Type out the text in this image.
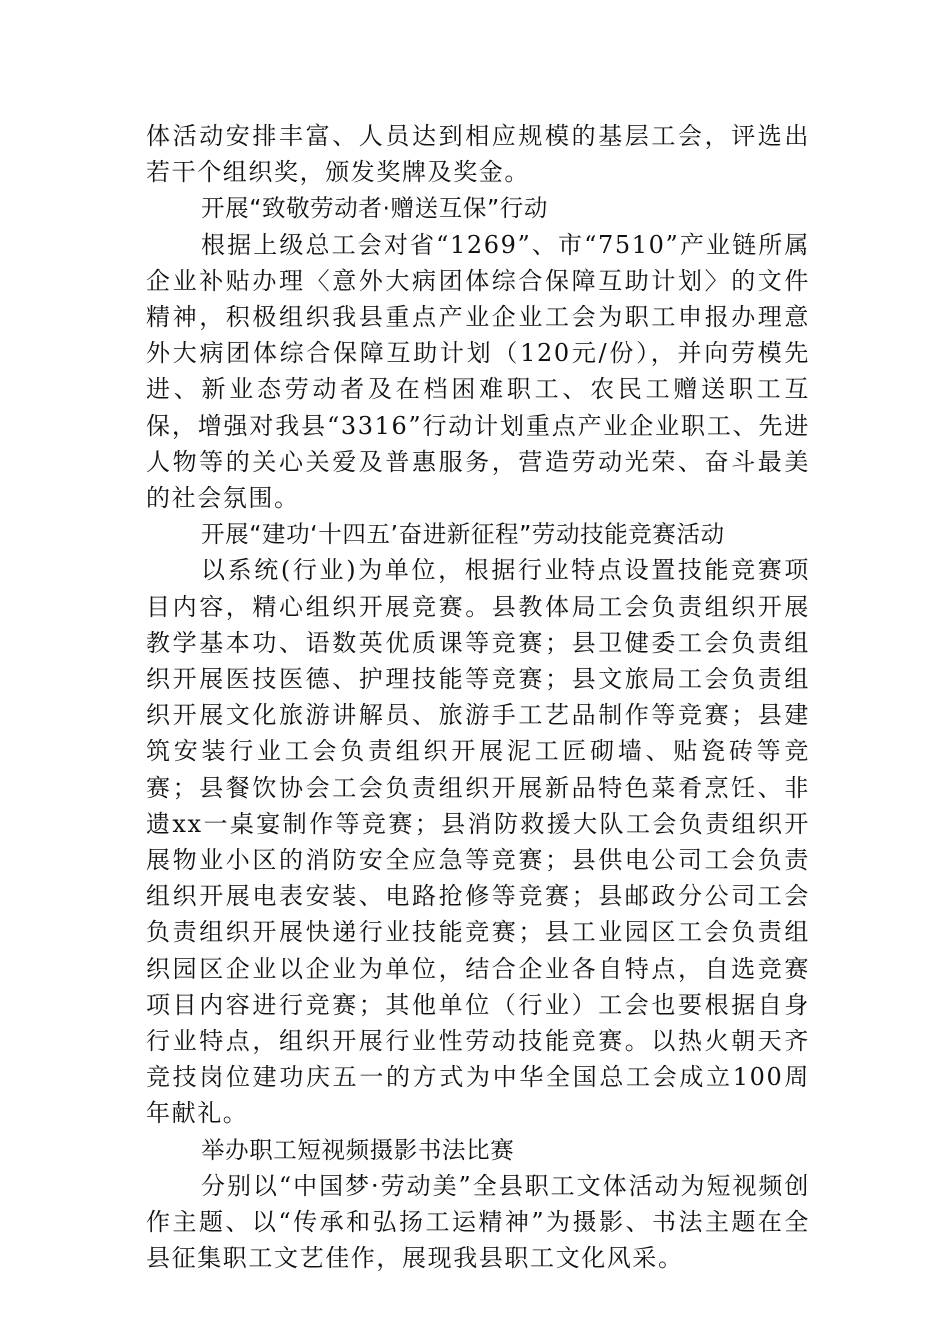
体活动安排丰富、人员达到相应规模的基层工会，评选出若干个组织奖，颁发奖牌及奖金。

开展“致敬劳动者·赠送互保”行动

根据上级总工会对省“1269”、市“7510”产业链所属企业补贴办理〈意外大病团体综合保障互助计划〉的文件精神，积极组织我县重点产业企业工会为职工申报办理意外大病团体综合保障互助计划（120元/份），并向劳模先进、新业态劳动者及在档困难职工、农民工赠送职工互保，增强对我县“3316”行动计划重点产业企业职工、先进人物等的关心关爱及普惠服务，营造劳动光荣、奋斗最美的社会氛围。

开展“建功‘十四五’奋进新征程”劳动技能竞赛活动

以系统(行业)为单位，根据行业特点设置技能竞赛项目内容，精心组织开展竞赛。县教体局工会负责组织开展教学基本功、语数英优质课等竞赛；县卫健委工会负责组织开展医技医德、护理技能等竞赛；县文旅局工会负责组织开展文化旅游讲解员、旅游手工艺品制作等竞赛；县建筑安装行业工会负责组织开展泥工匠砌墙、贴瓷砖等竞赛；县餐饮协会工会负责组织开展新品特色菜肴烹饪、非遗xx一桌宴制作等竞赛；县消防救援大队工会负责组织开展物业小区的消防安全应急等竞赛；县供电公司工会负责组织开展电表安装、电路抢修等竞赛；县邮政分公司工会负责组织开展快递行业技能竞赛；县工业园区工会负责组织园区企业以企业为单位，结合企业各自特点，自选竞赛项目内容进行竞赛；其他单位（行业）工会也要根据自身行业特点，组织开展行业性劳动技能竞赛。以热火朝天齐竞技岗位建功庆五一的方式为中华全国总工会成立100周年献礼。

举办职工短视频摄影书法比赛

分别以“中国梦·劳动美”全县职工文体活动为短视频创作主题、以“传承和弘扬工运精神”为摄影、书法主题在全县征集职工文艺佳作，展现我县职工文化风采。
